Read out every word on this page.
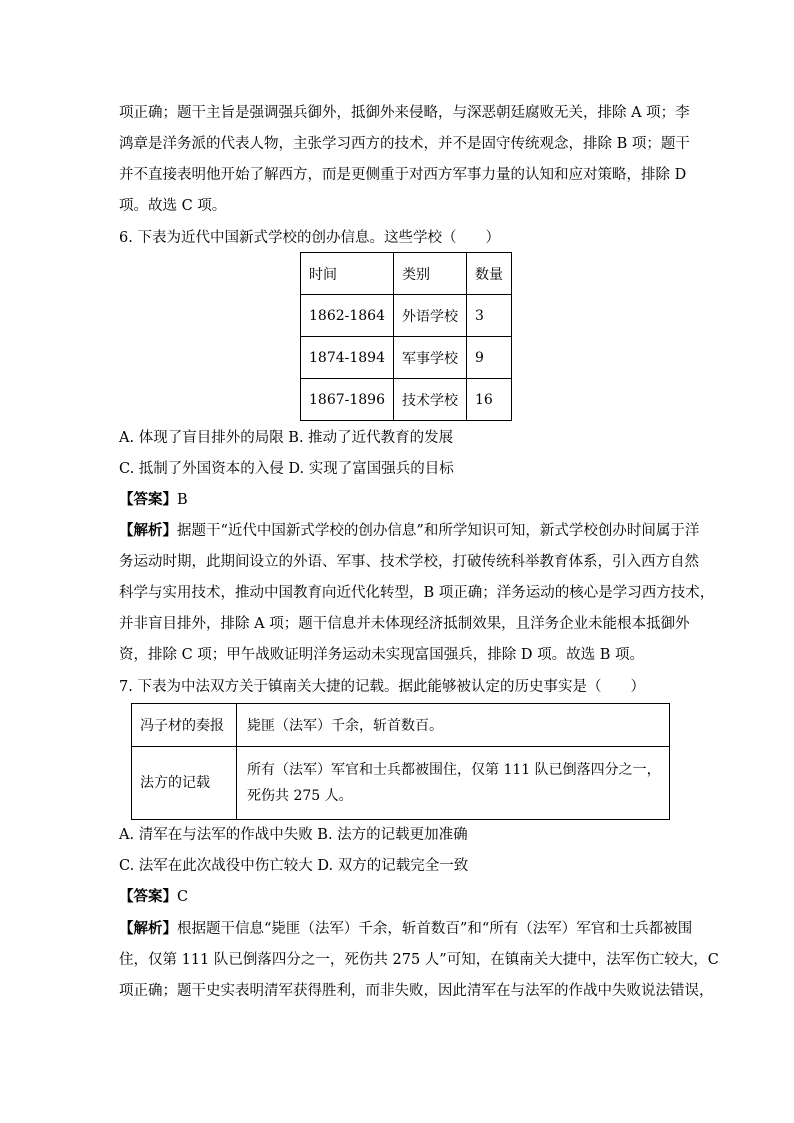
项正确；题干主旨是强调强兵御外，抵御外来侵略，与深恶朝廷腐败无关，排除 A 项；李
鸿章是洋务派的代表人物，主张学习西方的技术，并不是固守传统观念，排除 B 项；题干
并不直接表明他开始了解西方，而是更侧重于对西方军事力量的认知和应对策略，排除 D
项。故选 C 项。
6. 下表为近代中国新式学校的创办信息。这些学校（　　）
时间	类别	数量
1862-1864	外语学校	3
1874-1894	军事学校	9
1867-1896	技术学校	16
A. 体现了盲目排外的局限 B. 推动了近代教育的发展
C. 抵制了外国资本的入侵 D. 实现了富国强兵的目标
【答案】B
【解析】据题干“近代中国新式学校的创办信息”和所学知识可知，新式学校创办时间属于洋
务运动时期，此期间设立的外语、军事、技术学校，打破传统科举教育体系，引入西方自然
科学与实用技术，推动中国教育向近代化转型，B 项正确；洋务运动的核心是学习西方技术，
并非盲目排外，排除 A 项；题干信息并未体现经济抵制效果，且洋务企业未能根本抵御外
资，排除 C 项；甲午战败证明洋务运动未实现富国强兵，排除 D 项。故选 B 项。
7. 下表为中法双方关于镇南关大捷的记载。据此能够被认定的历史事实是（　　）
冯子材的奏报	毙匪（法军）千余，斩首数百。
法方的记载	所有（法军）军官和士兵都被围住，仅第 111 队已倒落四分之一，
死伤共 275 人。
A. 清军在与法军的作战中失败 B. 法方的记载更加准确
C. 法军在此次战役中伤亡较大 D. 双方的记载完全一致
【答案】C
【解析】根据题干信息“毙匪（法军）千余，斩首数百”和“所有（法军）军官和士兵都被围
住，仅第 111 队已倒落四分之一，死伤共 275 人”可知，在镇南关大捷中，法军伤亡较大，C
项正确；题干史实表明清军获得胜利，而非失败，因此清军在与法军的作战中失败说法错误，
